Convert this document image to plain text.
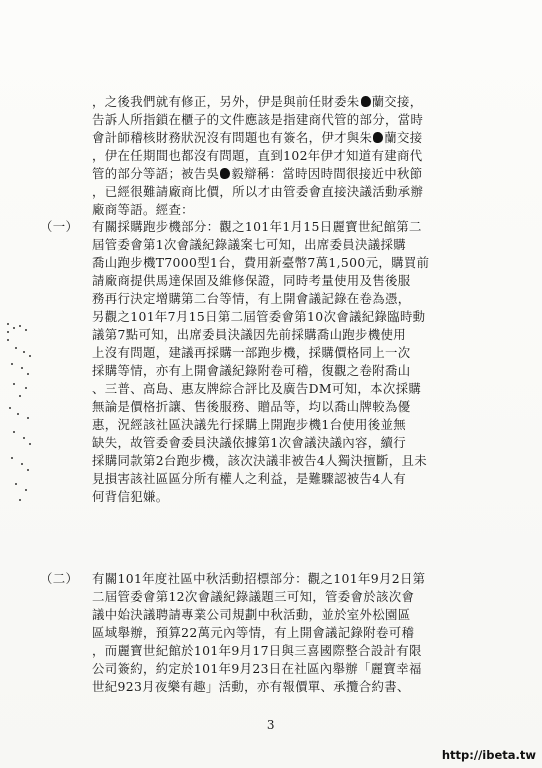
，之後我們就有修正，另外，伊是與前任財委朱 蘭交接，
告訴人所指鎖在櫃子的文件應該是指建商代管的部分，當時
會計師稽核財務狀況沒有問題也有簽名，伊才與朱 蘭交接
，伊在任期間也都沒有問題，直到102年伊才知道有建商代
管的部分等語；被告吳 毅辯稱：當時因時間很接近中秋節
，已經很難請廠商比價，所以才由管委會直接決議活動承辦
廠商等語。經查：
（一） 有關採購跑步機部分：觀之101年1月15日麗寶世紀館第二
屆管委會第1次會議紀錄議案七可知，出席委員決議採購
喬山跑步機T7000型1台，費用新臺幣7萬1,500元，購買前
請廠商提供馬達保固及維修保證，同時考量使用及售後服
務再行決定增購第二台等情，有上開會議記錄在卷為憑，
另觀之101年7月15日第二屆管委會第10次會議紀錄臨時動
議第7點可知，出席委員決議因先前採購喬山跑步機使用
上沒有問題，建議再採購一部跑步機，採購價格同上一次
採購等情，亦有上開會議紀錄附卷可稽，復觀之卷附喬山
、三普、高島、惠友牌綜合評比及廣告DM可知，本次採購
無論是價格折讓、售後服務、贈品等，均以喬山牌較為優
惠，況經該社區決議先行採購上開跑步機1台使用後並無
缺失，故管委會委員決議依據第1次會議決議內容，續行
採購同款第2台跑步機，該次決議非被告4人獨決擅斷，且未
見損害該社區區分所有權人之利益，是難驟認被告4人有
何背信犯嫌。
（二） 有關101年度社區中秋活動招標部分：觀之101年9月2日第
二屆管委會第12次會議紀錄議題三可知，管委會於該次會
議中始決議聘請專業公司規劃中秋活動，並於室外松園區
區域舉辦，預算22萬元內等情，有上開會議記錄附卷可稽
，而麗寶世紀館於101年9月17日與三喜國際整合設計有限
公司簽約，約定於101年9月23日在社區內舉辦「麗寶幸福
世紀923月夜樂有趣」活動，亦有報價單、承攬合約書、
3
http://ibeta.tw
